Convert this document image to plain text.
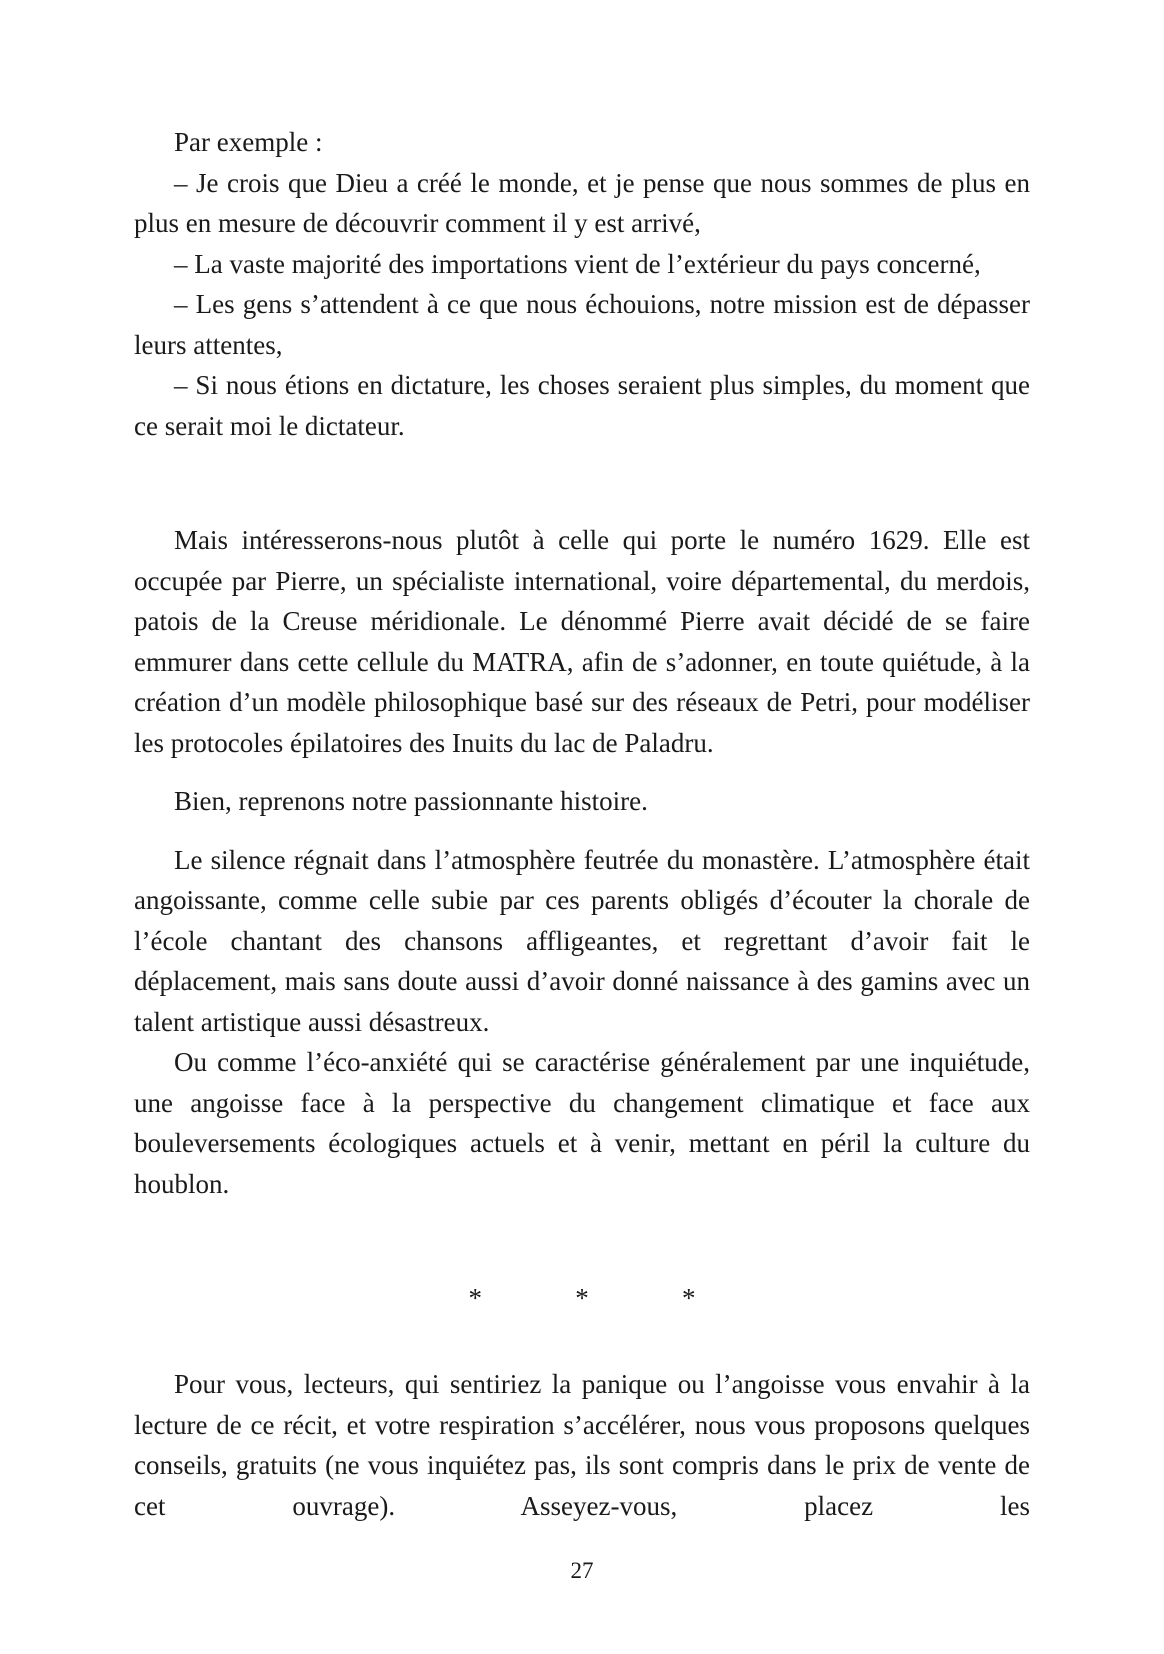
Par exemple :

– Je crois que Dieu a créé le monde, et je pense que nous sommes de plus en plus en mesure de découvrir comment il y est arrivé,

– La vaste majorité des importations vient de l’extérieur du pays concerné,

– Les gens s’attendent à ce que nous échouions, notre mission est de dépasser leurs attentes,

– Si nous étions en dictature, les choses seraient plus simples, du moment que ce serait moi le dictateur.

Mais intéresserons-nous plutôt à celle qui porte le numéro 1629. Elle est occupée par Pierre, un spécialiste international, voire départemental, du merdois, patois de la Creuse méridionale. Le dénommé Pierre avait décidé de se faire emmurer dans cette cellule du MATRA, afin de s’adonner, en toute quiétude, à la création d’un modèle philosophique basé sur des réseaux de Petri, pour modéliser les protocoles épilatoires des Inuits du lac de Paladru.

Bien, reprenons notre passionnante histoire.

Le silence régnait dans l’atmosphère feutrée du monastère. L’atmosphère était angoissante, comme celle subie par ces parents obligés d’écouter la chorale de l’école chantant des chansons affligeantes, et regrettant d’avoir fait le déplacement, mais sans doute aussi d’avoir donné naissance à des gamins avec un talent artistique aussi désastreux.

Ou comme l’éco-anxiété qui se caractérise généralement par une inquiétude, une angoisse face à la perspective du changement climatique et face aux bouleversements écologiques actuels et à venir, mettant en péril la culture du houblon.

*	*	*

Pour vous, lecteurs, qui sentiriez la panique ou l’angoisse vous envahir à la lecture de ce récit, et votre respiration s’accélérer, nous vous proposons quelques conseils, gratuits (ne vous inquiétez pas, ils sont compris dans le prix de vente de cet ouvrage). Asseyez-vous, placez les

27
